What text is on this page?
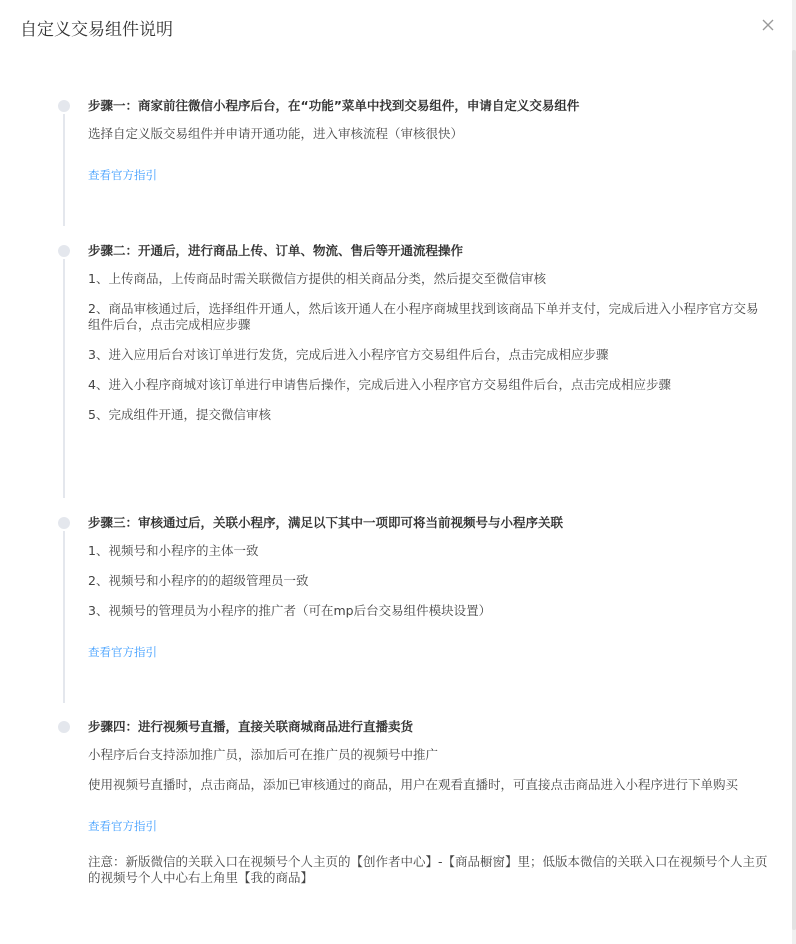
自定义交易组件说明
步骤一：商家前往微信小程序后台，在“功能”菜单中找到交易组件，申请自定义交易组件
选择自定义版交易组件并申请开通功能，进入审核流程（审核很快）
查看官方指引
步骤二：开通后，进行商品上传、订单、物流、售后等开通流程操作
1、上传商品，上传商品时需关联微信方提供的相关商品分类，然后提交至微信审核
2、商品审核通过后，选择组件开通人，然后该开通人在小程序商城里找到该商品下单并支付，完成后进入小程序官方交易组件后台，点击完成相应步骤
3、进入应用后台对该订单进行发货，完成后进入小程序官方交易组件后台，点击完成相应步骤
4、进入小程序商城对该订单进行申请售后操作，完成后进入小程序官方交易组件后台，点击完成相应步骤
5、完成组件开通，提交微信审核
步骤三：审核通过后，关联小程序，满足以下其中一项即可将当前视频号与小程序关联
1、视频号和小程序的主体一致
2、视频号和小程序的的超级管理员一致
3、视频号的管理员为小程序的推广者（可在mp后台交易组件模块设置）
查看官方指引
步骤四：进行视频号直播，直接关联商城商品进行直播卖货
小程序后台支持添加推广员，添加后可在推广员的视频号中推广
使用视频号直播时，点击商品，添加已审核通过的商品，用户在观看直播时，可直接点击商品进入小程序进行下单购买
查看官方指引
注意：新版微信的关联入口在视频号个人主页的【创作者中心】-【商品橱窗】里；低版本微信的关联入口在视频号个人主页的视频号个人中心右上角里【我的商品】
